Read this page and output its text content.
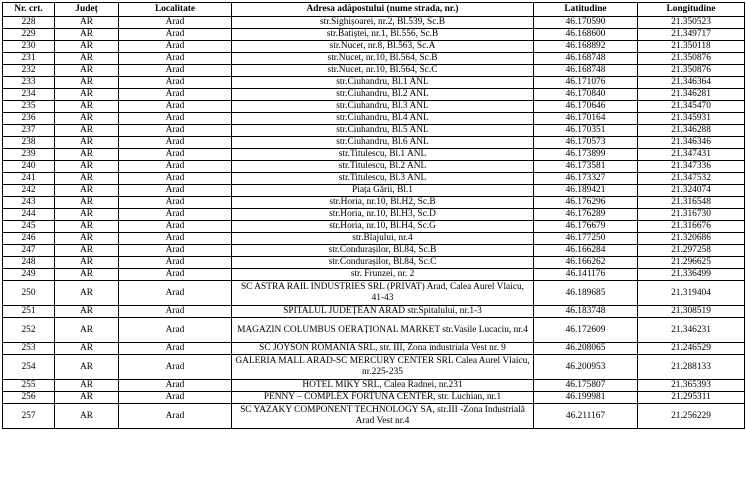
Nr. crt.	Județ	Localitate	Adresa adăpostului (nume strada, nr.)	Latitudine	Longitudine
228	AR	Arad	str.Sighișoarei, nr.2, Bl.539, Sc.B	46.170590	21.350523
229	AR	Arad	str.Batiștei, nr.1, Bl.556, Sc.B	46.168600	21.349717
230	AR	Arad	str.Nucet, nr.8, Bl.563, Sc.A	46.168892	21.350118
231	AR	Arad	str.Nucet, nr.10, Bl.564, Sc.B	46.168748	21.350876
232	AR	Arad	str.Nucet, nr.10, Bl.564, Sc.C	46.168748	21.350876
233	AR	Arad	str.Ciuhandru, Bl.1 ANL	46.171076	21.346364
234	AR	Arad	str.Ciuhandru, Bl.2 ANL	46.170840	21.346281
235	AR	Arad	str.Ciuhandru, Bl.3 ANL	46.170646	21.345470
236	AR	Arad	str.Ciuhandru, Bl.4 ANL	46.170164	21.345931
237	AR	Arad	str.Ciuhandru, Bl.5 ANL	46.170351	21.346288
238	AR	Arad	str.Ciuhandru, Bl.6 ANL	46.170573	21.346346
239	AR	Arad	str.Titulescu, Bl.1 ANL	46.173899	21.347431
240	AR	Arad	str.Titulescu, Bl.2 ANL	46.173581	21.347336
241	AR	Arad	str.Titulescu, Bl.3 ANL	46.173327	21.347532
242	AR	Arad	Piața Gării, Bl.1	46.189421	21.324074
243	AR	Arad	str.Horia, nr.10, Bl.H2, Sc.B	46.176296	21.316548
244	AR	Arad	str.Horia, nr.10, Bl.H3, Sc.D	46.176289	21.316730
245	AR	Arad	str.Horia, nr.10, Bl.H4, Sc.G	46.176679	21.316676
246	AR	Arad	str.Blajului, nr.4	46.177250	21.320686
247	AR	Arad	str.Condurașilor, Bl.84, Sc.B	46.166284	21.297258
248	AR	Arad	str.Condurașilor, Bl.84, Sc.C	46.166262	21.296625
249	AR	Arad	str. Frunzei, nr. 2	46.141176	21.336499
250	AR	Arad	SC ASTRA RAIL INDUSTRIES SRL (PRIVAT) Arad, Calea Aurel Vlaicu, 41-43	46.189685	21.319404
251	AR	Arad	SPITALUL JUDEȚEAN ARAD str.Spitalului, nr.1-3	46.183748	21.308519
252	AR	Arad	MAGAZIN COLUMBUS OERAȚIONAL MARKET str.Vasile Lucaciu, nr.4	46.172609	21.346231
253	AR	Arad	SC JOYSON ROMÂNIA SRL, str. III, Zona industriala Vest nr. 9	46.208065	21.246529
254	AR	Arad	GALERIA MALL ARAD-SC MERCURY CENTER SRL Calea Aurel Vlaicu, nr.225-235	46.200953	21.288133
255	AR	Arad	HOTEL MIKY SRL, Calea Radnei, nr.231	46.175807	21.365393
256	AR	Arad	PENNY – COMPLEX FORTUNA CENTER, str. Luchian, nr.1	46.199981	21.295311
257	AR	Arad	SC YAZAKY COMPONENT TECHNOLOGY SA, str.III -Zona Industrială Arad Vest nr.4	46.211167	21.256229
